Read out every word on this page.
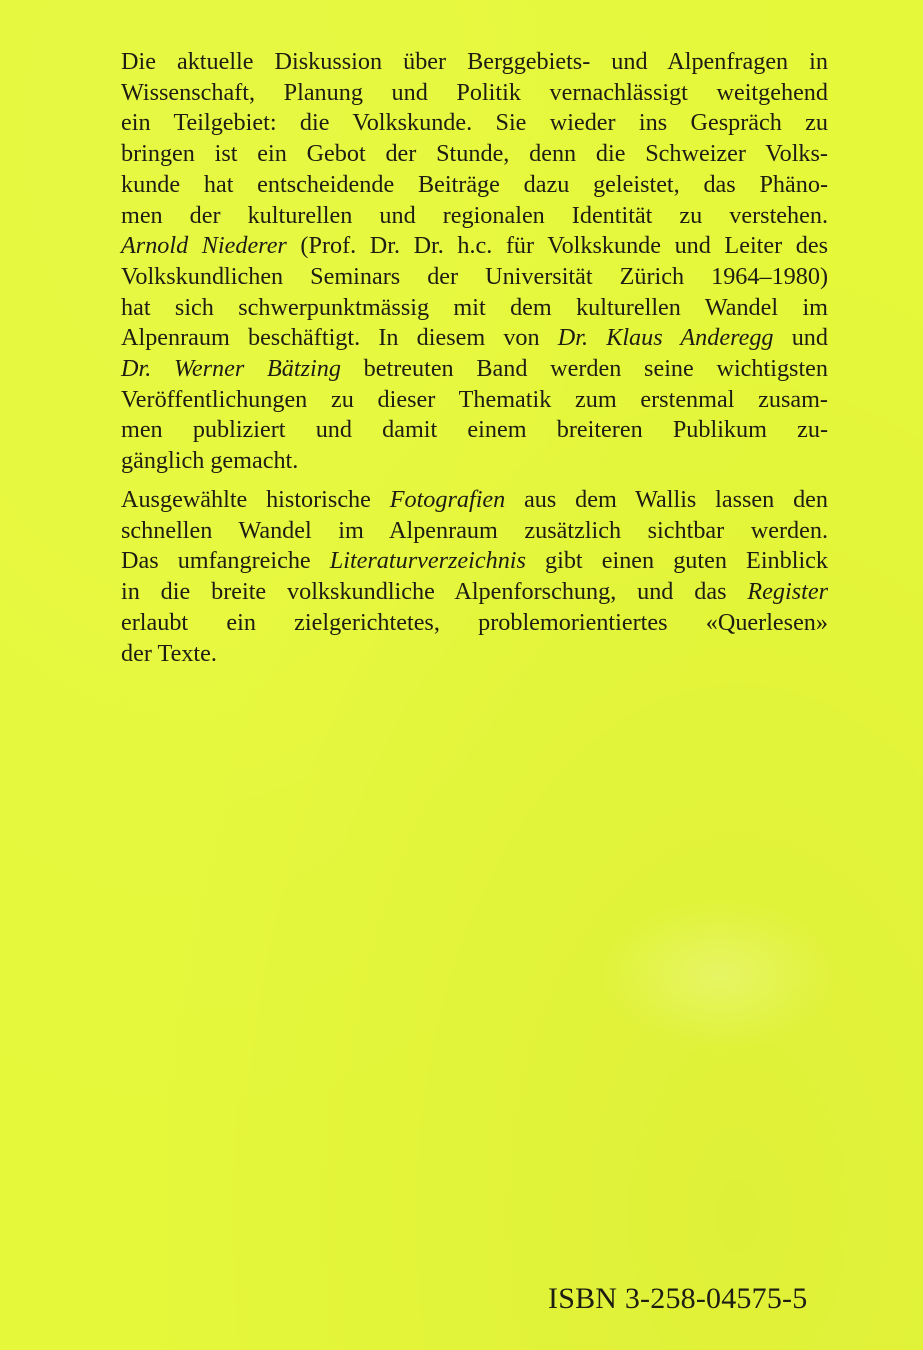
Die aktuelle Diskussion über Berggebiets- und Alpenfragen in
Wissenschaft, Planung und Politik vernachlässigt weitgehend
ein Teilgebiet: die Volkskunde. Sie wieder ins Gespräch zu
bringen ist ein Gebot der Stunde, denn die Schweizer Volks-
kunde hat entscheidende Beiträge dazu geleistet, das Phäno-
men der kulturellen und regionalen Identität zu verstehen.
Arnold Niederer (Prof. Dr. Dr. h.c. für Volkskunde und Leiter des
Volkskundlichen Seminars der Universität Zürich 1964–1980)
hat sich schwerpunktmässig mit dem kulturellen Wandel im
Alpenraum beschäftigt. In diesem von Dr. Klaus Anderegg und
Dr. Werner Bätzing betreuten Band werden seine wichtigsten
Veröffentlichungen zu dieser Thematik zum erstenmal zusam-
men publiziert und damit einem breiteren Publikum zu-
gänglich gemacht.
Ausgewählte historische Fotografien aus dem Wallis lassen den
schnellen Wandel im Alpenraum zusätzlich sichtbar werden.
Das umfangreiche Literaturverzeichnis gibt einen guten Einblick
in die breite volkskundliche Alpenforschung, und das Register
erlaubt ein zielgerichtetes, problemorientiertes «Querlesen»
der Texte.
ISBN 3-258-04575-5
